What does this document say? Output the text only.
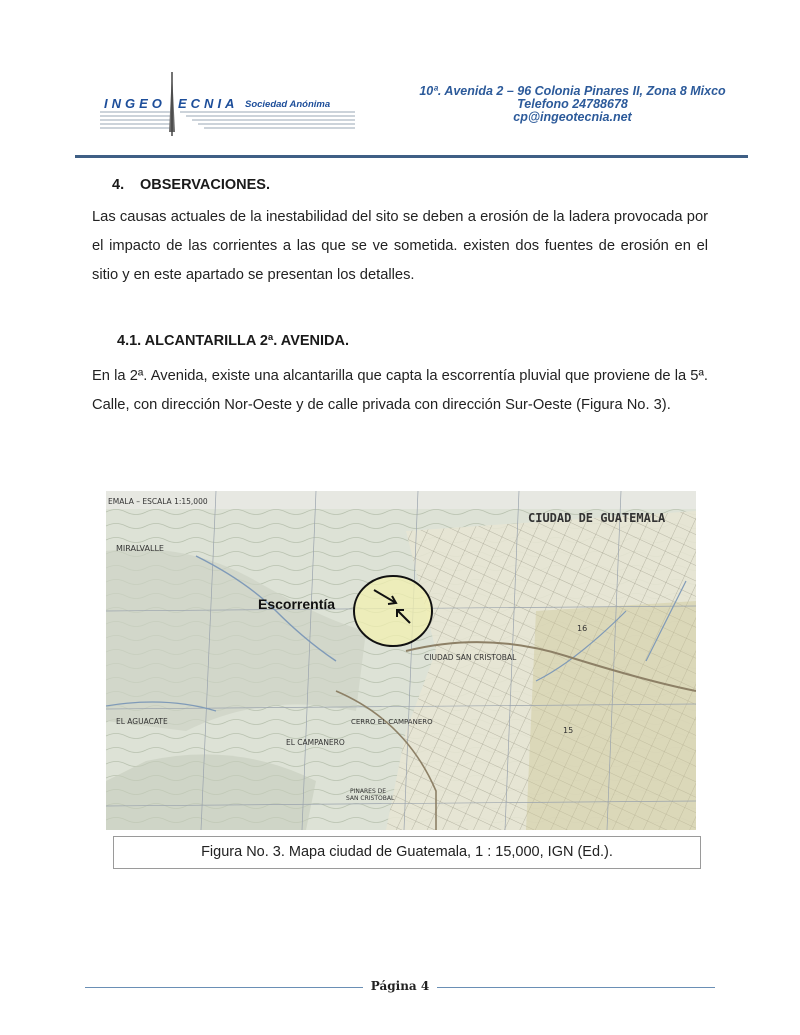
INGEO ECNIA Sociedad Anónima
10ª. Avenida 2 – 96 Colonia Pinares II, Zona 8 Mixco
Telefono 24788678
cp@ingeotecnia.net
4. OBSERVACIONES.

Las causas actuales de la inestabilidad del sito se deben a erosión de la ladera provocada por el impacto de las corrientes a las que se ve sometida. existen dos fuentes de erosión en el sitio y en este apartado se presentan los detalles.

4.1. ALCANTARILLA 2ª. AVENIDA.

En la 2ª. Avenida, existe una alcantarilla que capta la escorrentía pluvial que proviene de la 5ª. Calle, con dirección Nor-Oeste y de calle privada con dirección Sur-Oeste (Figura No. 3).

EMALA – ESCALA 1:15,000
CIUDAD DE GUATEMALA
MIRALVALLE
CIUDAD SAN CRISTOBAL
CERRO EL CAMPANERO
EL AGUACATE
EL CAMPANERO
PINARES DE
SAN CRISTOBAL
16
15
Escorrentía
Figura No. 3. Mapa ciudad de Guatemala, 1 : 15,000, IGN (Ed.).
Página 4
